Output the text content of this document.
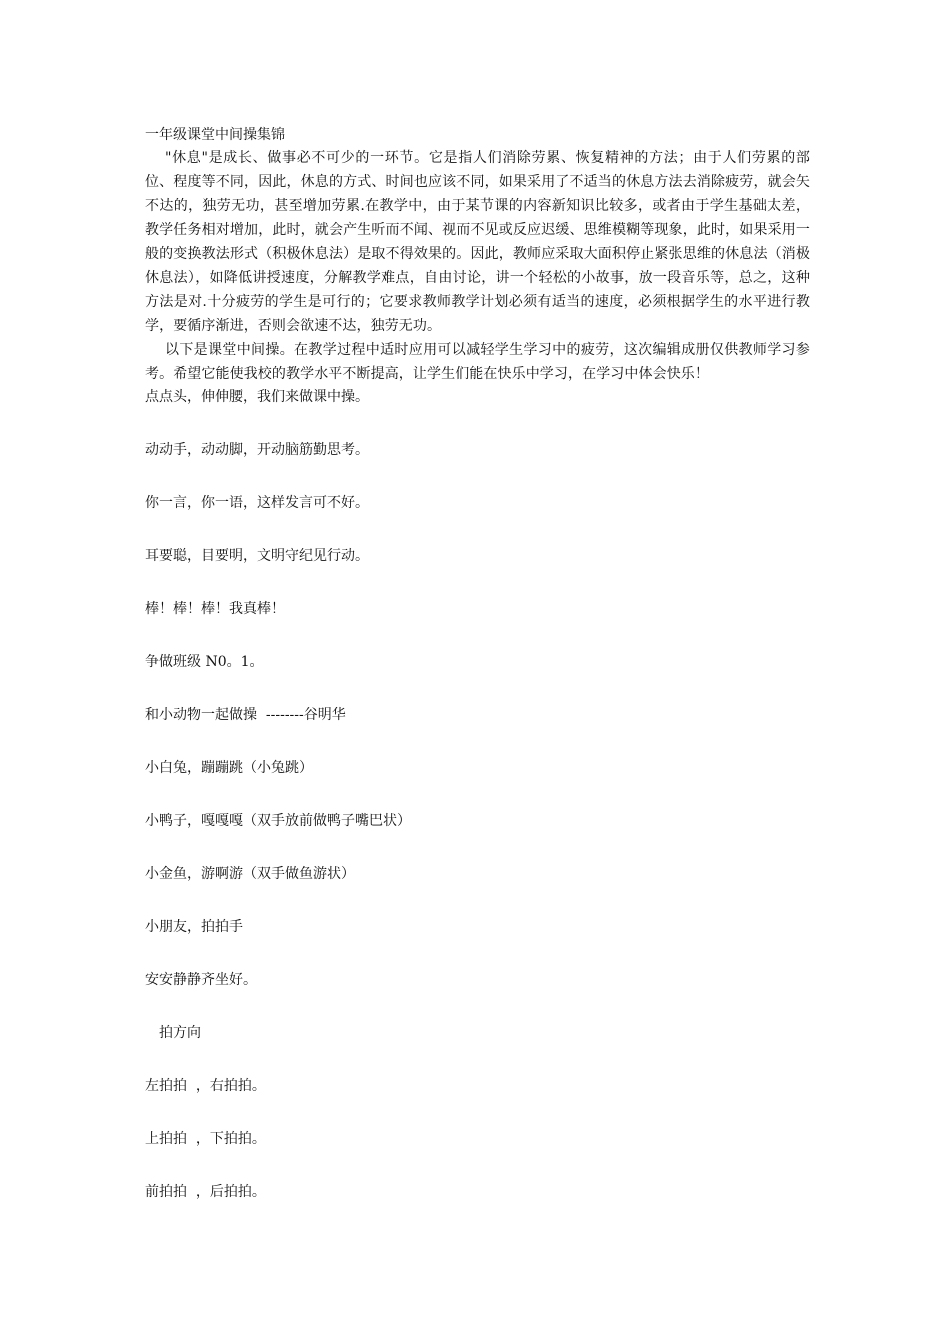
一年级课堂中间操集锦

"休息"是成长、做事必不可少的一环节。它是指人们消除劳累、恢复精神的方法；由于人们劳累的部位、程度等不同，因此，休息的方式、时间也应该不同，如果采用了不适当的休息方法去消除疲劳，就会矢不达的，独劳无功，甚至增加劳累.在教学中，由于某节课的内容新知识比较多，或者由于学生基础太差，教学任务相对增加，此时，就会产生听而不闻、视而不见或反应迟缓、思维模糊等现象，此时，如果采用一般的变换教法形式（积极休息法）是取不得效果的。因此，教师应采取大面积停止紧张思维的休息法（消极休息法），如降低讲授速度，分解教学难点，自由讨论，讲一个轻松的小故事，放一段音乐等，总之，这种方法是对.十分疲劳的学生是可行的；它要求教师教学计划必须有适当的速度，必须根据学生的水平进行教学，要循序渐进，否则会欲速不达，独劳无功。

以下是课堂中间操。在教学过程中适时应用可以减轻学生学习中的疲劳，这次编辑成册仅供教师学习参考。希望它能使我校的教学水平不断提高，让学生们能在快乐中学习，在学习中体会快乐！

点点头，伸伸腰，我们来做课中操。

动动手，动动脚，开动脑筋勤思考。

你一言，你一语，这样发言可不好。

耳要聪，目要明，文明守纪见行动。

棒！棒！棒！我真棒！

争做班级 N0。1。

和小动物一起做操  --------谷明华

小白兔，蹦蹦跳（小兔跳）

小鸭子，嘎嘎嘎（双手放前做鸭子嘴巴状）

小金鱼，游啊游（双手做鱼游状）

小朋友，拍拍手

安安静静齐坐好。

拍方向

左拍拍  ，右拍拍。

上拍拍  ，下拍拍。

前拍拍  ，后拍拍。
